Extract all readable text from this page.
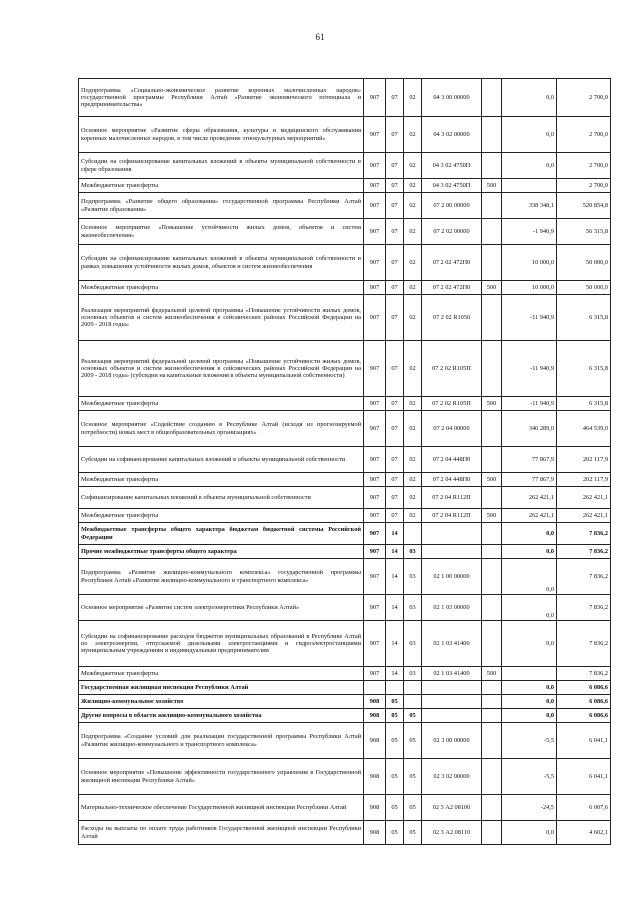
61
Подпрограмма «Социально-экономическое развитие коренных малочисленных народов» государственной программы Республики Алтай «Развитие экономического потенциала и предпринимательства»	907	07	02	04 3 00 00000		0,0	2 700,0
Основное мероприятие «Развитие сферы образования, культуры и медицинского обслуживания коренных малочисленных народов, в том числе проведение этнокультурных мероприятий»	907	07	02	04 3 02 00000		0,0	2 700,0
Субсидии на софинансирование капитальных вложений в объекты муниципальной собственности в сфере образования	907	07	02	04 3 02 4750П		0,0	2 700,0
Межбюджетные трансферты	907	07	02	04 3 02 4750П	500		2 700,0
Подпрограмма «Развитие общего образования» государственной программы Республики Алтай «Развитие образования»	907	07	02	07 2 00 00000		338 348,1	520 854,8
Основное мероприятие «Повышение устойчивости жилых домов, объектов и систем жизнеобеспечения»	907	07	02	07 2 02 00000		-1 940,9	56 315,8
Субсидии на софинансирование капитальных вложений в объекты муниципальной собственности в рамках повышения устойчивости жилых домов, объектов и систем жизнеобеспечения	907	07	02	07 2 02 472П0		10 000,0	50 000,0
Межбюджетные трансферты	907	07	02	07 2 02 472П0	500	10 000,0	50 000,0
Реализация мероприятий федеральной целевой программы «Повышение устойчивости жилых домов, основных объектов и систем жизнеобеспечения в сейсмических районах Российской Федерации на 2009 - 2018 годы»	907	07	02	07 2 02 R1050		-11 940,9	6 315,8
Реализация мероприятий федеральной целевой программы «Повышение устойчивости жилых домов, основных объектов и систем жизнеобеспечения в сейсмических районах Российской Федерации на 2009 - 2018 годы» (субсидии на капитальные вложения в объекты муниципальной собственности)	907	07	02	07 2 02 R105П		-11 940,9	6 315,8
Межбюджетные трансферты	907	07	02	07 2 02 R105П	500	-11 940,9	6 315,8
Основное мероприятие «Содействие созданию в Республике Алтай (исходя из прогнозируемой потребности) новых мест в общеобразовательных организациях»	907	07	02	07 2 04 00000		340 289,0	464 539,0
Субсидии на софинансирование капитальных вложений в объекты муниципальной собственности	907	07	02	07 2 04 448П0		77 867,9	202 117,9
Межбюджетные трансферты	907	07	02	07 2 04 448П0	500	77 867,9	202 117,9
Софинансирование капитальных вложений в объекты муниципальной собственности	907	07	02	07 2 04 R112П		262 421,1	262 421,1
Межбюджетные трансферты	907	07	02	07 2 04 R112П	500	262 421,1	262 421,1
Межбюджетные трансферты общего характера бюджетам бюджетной системы Российской Федерации	907	14				0,0	7 836,2
Прочие межбюджетные трансферты общего характера	907	14	03			0,0	7 836,2
Подпрограмма «Развитие жилищно-коммунального комплекса» государственной программы Республики Алтай «Развитие жилищно-коммунального и транспортного комплекса»	907	14	03	02 1 00 00000		0,0	7 836,2
Основное мероприятие «Развитие систем электроэнергетики Республики Алтай»	907	14	03	02 1 03 00000		0,0	7 836,2
Субсидии на софинансирование расходов бюджетов муниципальных образований в Республике Алтай по электроэнергии, отпускаемой дизельными электростанциями и гидроэлектростанциями муниципальным учреждениям и индивидуальным предпринимателям	907	14	03	02 1 03 41400		0,0	7 836,2
Межбюджетные трансферты	907	14	03	02 1 03 41400	500		7 836,2
Государственная жилищная инспекция Республики Алтай						0,0	6 086,6
Жилищно-коммунальное хозяйство	908	05				0,0	6 086,6
Другие вопросы в области жилищно-коммунального хозяйства	908	05	05			0,0	6 086,6
Подпрограмма «Создание условий для реализации государственной программы Республики Алтай «Развитие жилищно-коммунального и транспортного комплекса»	908	05	05	02 3 00 00000		-5,5	6 041,1
Основное мероприятие «Повышение эффективности государственного управления в Государственной жилищной инспекции Республики Алтай»	908	05	05	02 3 02 00000		-5,5	6 041,1
Материально-техническое обеспечение Государственной жилищной инспекции Республики Алтай	908	05	05	02 3 А2 08100		-24,5	6 007,6
Расходы на выплаты по оплате труда работников Государственной жилищной инспекции Республики Алтай	908	05	05	02 3 А2 08110		0,0	4 602,1
